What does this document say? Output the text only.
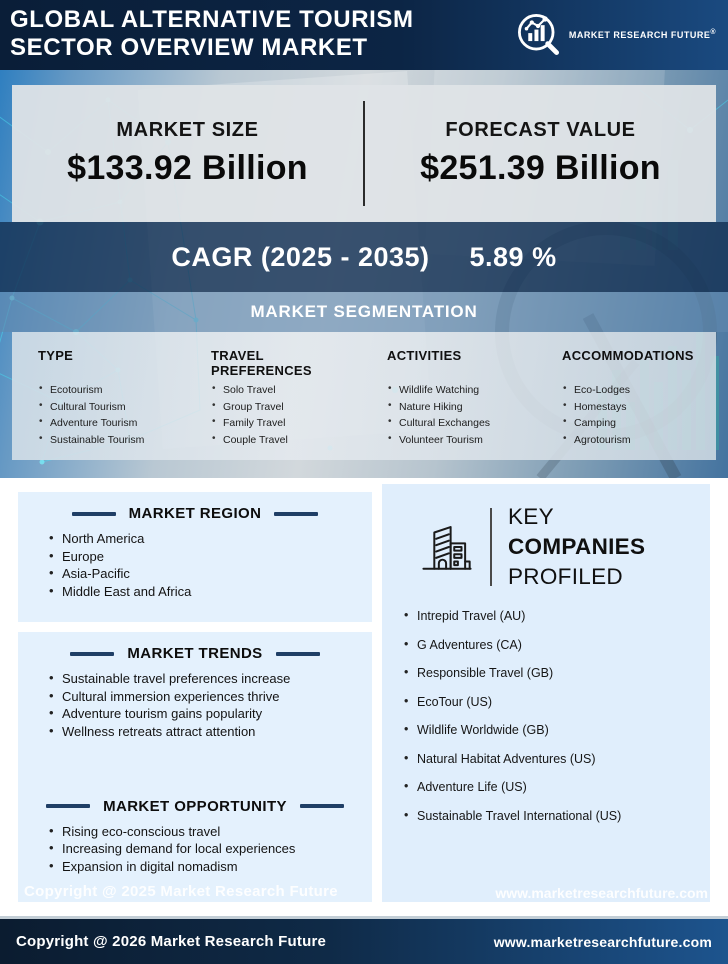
GLOBAL ALTERNATIVE TOURISM
SECTOR OVERVIEW MARKET	MARKET RESEARCH FUTURE®
MARKET SIZE
$133.92 Billion
FORECAST VALUE
$251.39 Billion
CAGR (2025 - 2035) 5.89 %
MARKET SEGMENTATION
TYPE
• Ecotourism
• Cultural Tourism
• Adventure Tourism
• Sustainable Tourism
TRAVEL PREFERENCES
• Solo Travel
• Group Travel
• Family Travel
• Couple Travel
ACTIVITIES
• Wildlife Watching
• Nature Hiking
• Cultural Exchanges
• Volunteer Tourism
ACCOMMODATIONS
• Eco-Lodges
• Homestays
• Camping
• Agrotourism
MARKET REGION
• North America
• Europe
• Asia-Pacific
• Middle East and Africa
MARKET TRENDS
• Sustainable travel preferences increase
• Cultural immersion experiences thrive
• Adventure tourism gains popularity
• Wellness retreats attract attention
MARKET OPPORTUNITY
• Rising eco-conscious travel
• Increasing demand for local experiences
• Expansion in digital nomadism
KEY
COMPANIES
PROFILED
• Intrepid Travel (AU)
• G Adventures (CA)
• Responsible Travel (GB)
• EcoTour (US)
• Wildlife Worldwide (GB)
• Natural Habitat Adventures (US)
• Adventure Life (US)
• Sustainable Travel International (US)
Copyright @ 2025 Market Research Future	www.marketresearchfuture.com
Copyright @ 2026 Market Research Future	www.marketresearchfuture.com
